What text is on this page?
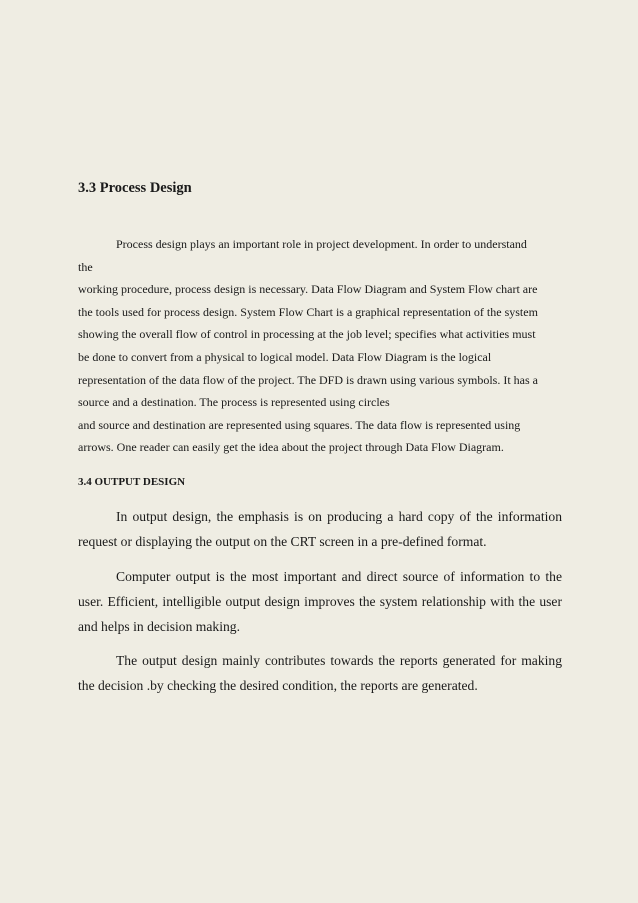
3.3 Process Design
Process design plays an important role in project development. In order to understand
the
working procedure, process design is necessary. Data Flow Diagram and System Flow chart are
the tools used for process design. System Flow Chart is a graphical representation of the system
showing the overall flow of control in processing at the job level; specifies what activities must
be done to convert from a physical to logical model. Data Flow Diagram is the logical
representation of the data flow of the project. The DFD is drawn using various symbols. It has a
source and a destination. The process is represented using circles
and source and destination are represented using squares. The data flow is represented using
arrows. One reader can easily get the idea about the project through Data Flow Diagram.
3.4 OUTPUT DESIGN
In output design, the emphasis is on producing a hard copy of the information
request or displaying the output on the CRT screen in a pre-defined format.
Computer output is the most important and direct source of information to the
user. Efficient, intelligible output design improves the system relationship with the user
and helps in decision making.
The output design mainly contributes towards the reports generated for making
the decision .by checking the desired condition, the reports are generated.
